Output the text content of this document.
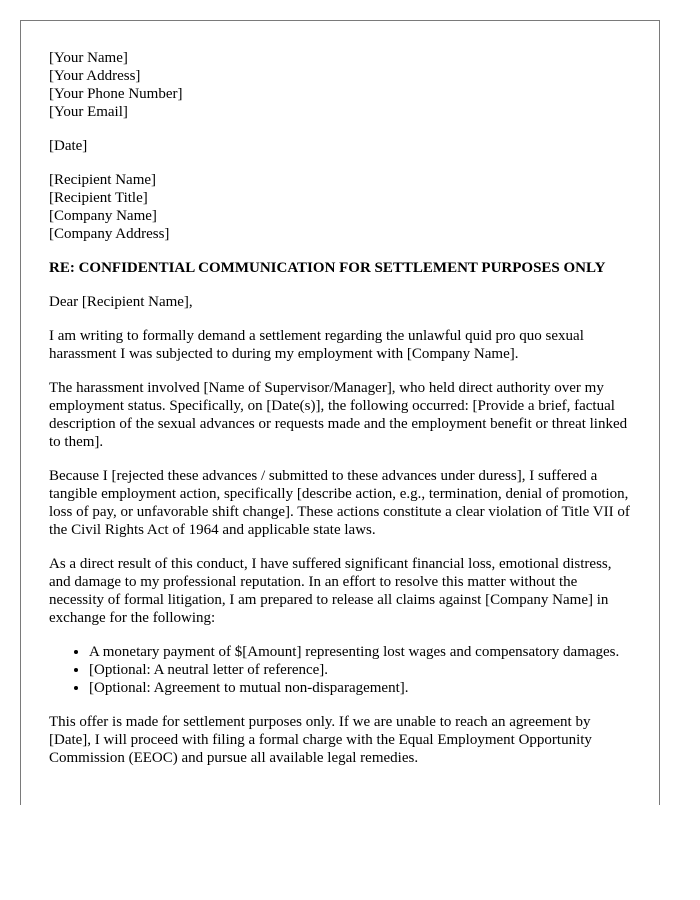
[Your Name]
[Your Address]
[Your Phone Number]
[Your Email]
[Date]
[Recipient Name]
[Recipient Title]
[Company Name]
[Company Address]
RE: CONFIDENTIAL COMMUNICATION FOR SETTLEMENT PURPOSES ONLY

Dear [Recipient Name],

I am writing to formally demand a settlement regarding the unlawful quid pro quo sexual harassment I was subjected to during my employment with [Company Name].

The harassment involved [Name of Supervisor/Manager], who held direct authority over my employment status. Specifically, on [Date(s)], the following occurred: [Provide a brief, factual description of the sexual advances or requests made and the employment benefit or threat linked to them].

Because I [rejected these advances / submitted to these advances under duress], I suffered a tangible employment action, specifically [describe action, e.g., termination, denial of promotion, loss of pay, or unfavorable shift change]. These actions constitute a clear violation of Title VII of the Civil Rights Act of 1964 and applicable state laws.

As a direct result of this conduct, I have suffered significant financial loss, emotional distress, and damage to my professional reputation. In an effort to resolve this matter without the necessity of formal litigation, I am prepared to release all claims against [Company Name] in exchange for the following:

• A monetary payment of $[Amount] representing lost wages and compensatory damages.
• [Optional: A neutral letter of reference].
• [Optional: Agreement to mutual non-disparagement].

This offer is made for settlement purposes only. If we are unable to reach an agreement by [Date], I will proceed with filing a formal charge with the Equal Employment Opportunity Commission (EEOC) and pursue all available legal remedies.
